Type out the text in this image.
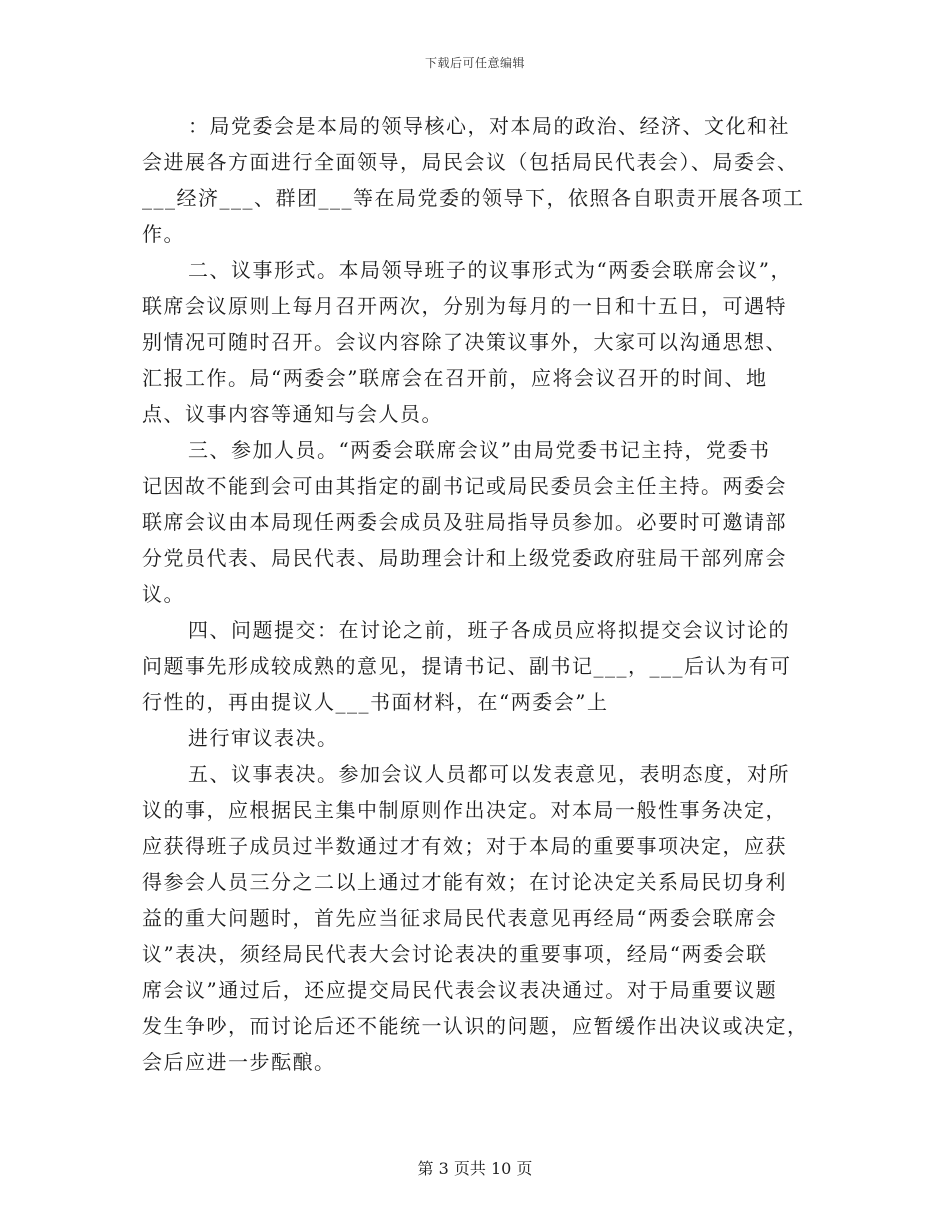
下载后可任意编辑
：局党委会是本局的领导核心，对本局的政治、经济、文化和社
会进展各方面进行全面领导，局民会议（包括局民代表会）、局委会、
___经济___、群团___等在局党委的领导下，依照各自职责开展各项工
作。
二、议事形式。本局领导班子的议事形式为“两委会联席会议”，
联席会议原则上每月召开两次，分别为每月的一日和十五日，可遇特
别情况可随时召开。会议内容除了决策议事外，大家可以沟通思想、
汇报工作。局“两委会”联席会在召开前，应将会议召开的时间、地
点、议事内容等通知与会人员。
三、参加人员。“两委会联席会议”由局党委书记主持，党委书
记因故不能到会可由其指定的副书记或局民委员会主任主持。两委会
联席会议由本局现任两委会成员及驻局指导员参加。必要时可邀请部
分党员代表、局民代表、局助理会计和上级党委政府驻局干部列席会
议。
四、问题提交：在讨论之前，班子各成员应将拟提交会议讨论的
问题事先形成较成熟的意见，提请书记、副书记___，___后认为有可
行性的，再由提议人___书面材料，在“两委会”上
进行审议表决。
五、议事表决。参加会议人员都可以发表意见，表明态度，对所
议的事，应根据民主集中制原则作出决定。对本局一般性事务决定，
应获得班子成员过半数通过才有效；对于本局的重要事项决定，应获
得参会人员三分之二以上通过才能有效；在讨论决定关系局民切身利
益的重大问题时，首先应当征求局民代表意见再经局“两委会联席会
议”表决，须经局民代表大会讨论表决的重要事项，经局“两委会联
席会议”通过后，还应提交局民代表会议表决通过。对于局重要议题
发生争吵，而讨论后还不能统一认识的问题，应暂缓作出决议或决定，
会后应进一步酝酿。
第 3 页共 10 页
